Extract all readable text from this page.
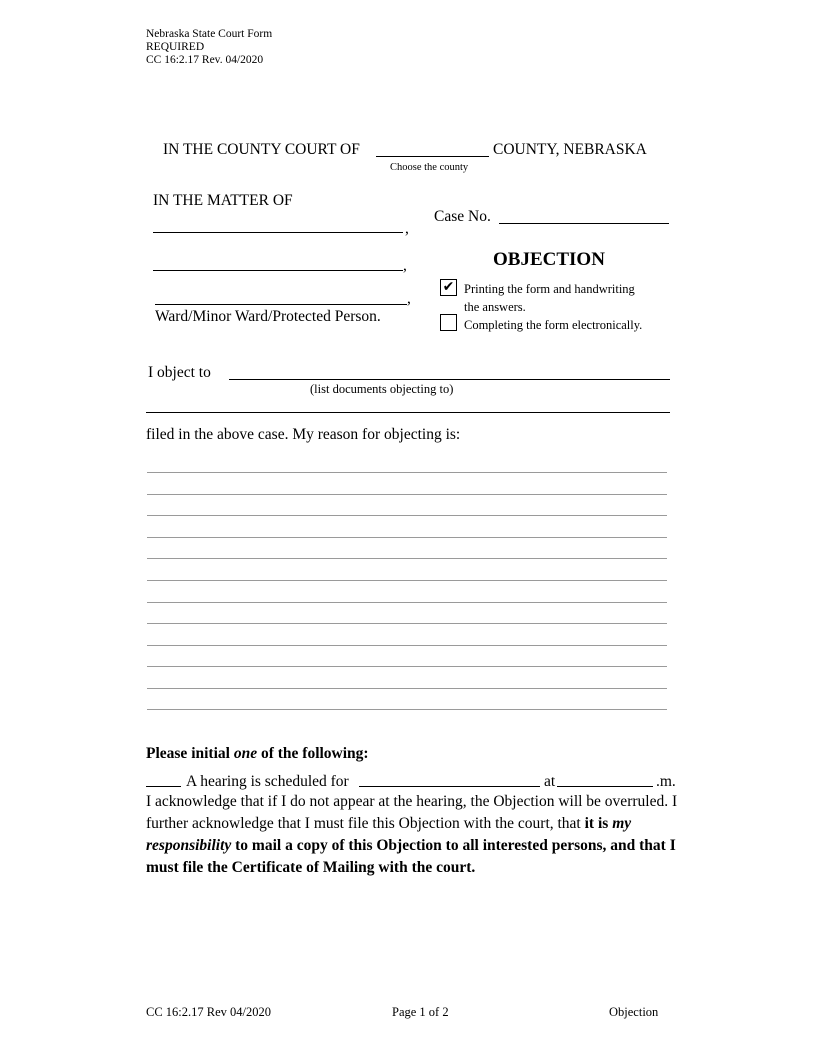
Nebraska State Court Form
REQUIRED
CC 16:2.17 Rev. 04/2020
IN THE COUNTY COURT OF	COUNTY, NEBRASKA
Choose the county
IN THE MATTER OF
,
,
,
Ward/Minor Ward/Protected Person.
Case No.
OBJECTION
✔ Printing the form and handwriting
the answers.
Completing the form electronically.
I object to
(list documents objecting to)
filed in the above case. My reason for objecting is:
Please initial one of the following:
A hearing is scheduled for	at	.m.
I acknowledge that if I do not appear at the hearing, the Objection will be overruled. I further acknowledge that I must file this Objection with the court, that it is my responsibility to mail a copy of this Objection to all interested persons, and that I must file the Certificate of Mailing with the court.
CC 16:2.17 Rev 04/2020	Page 1 of 2	Objection
